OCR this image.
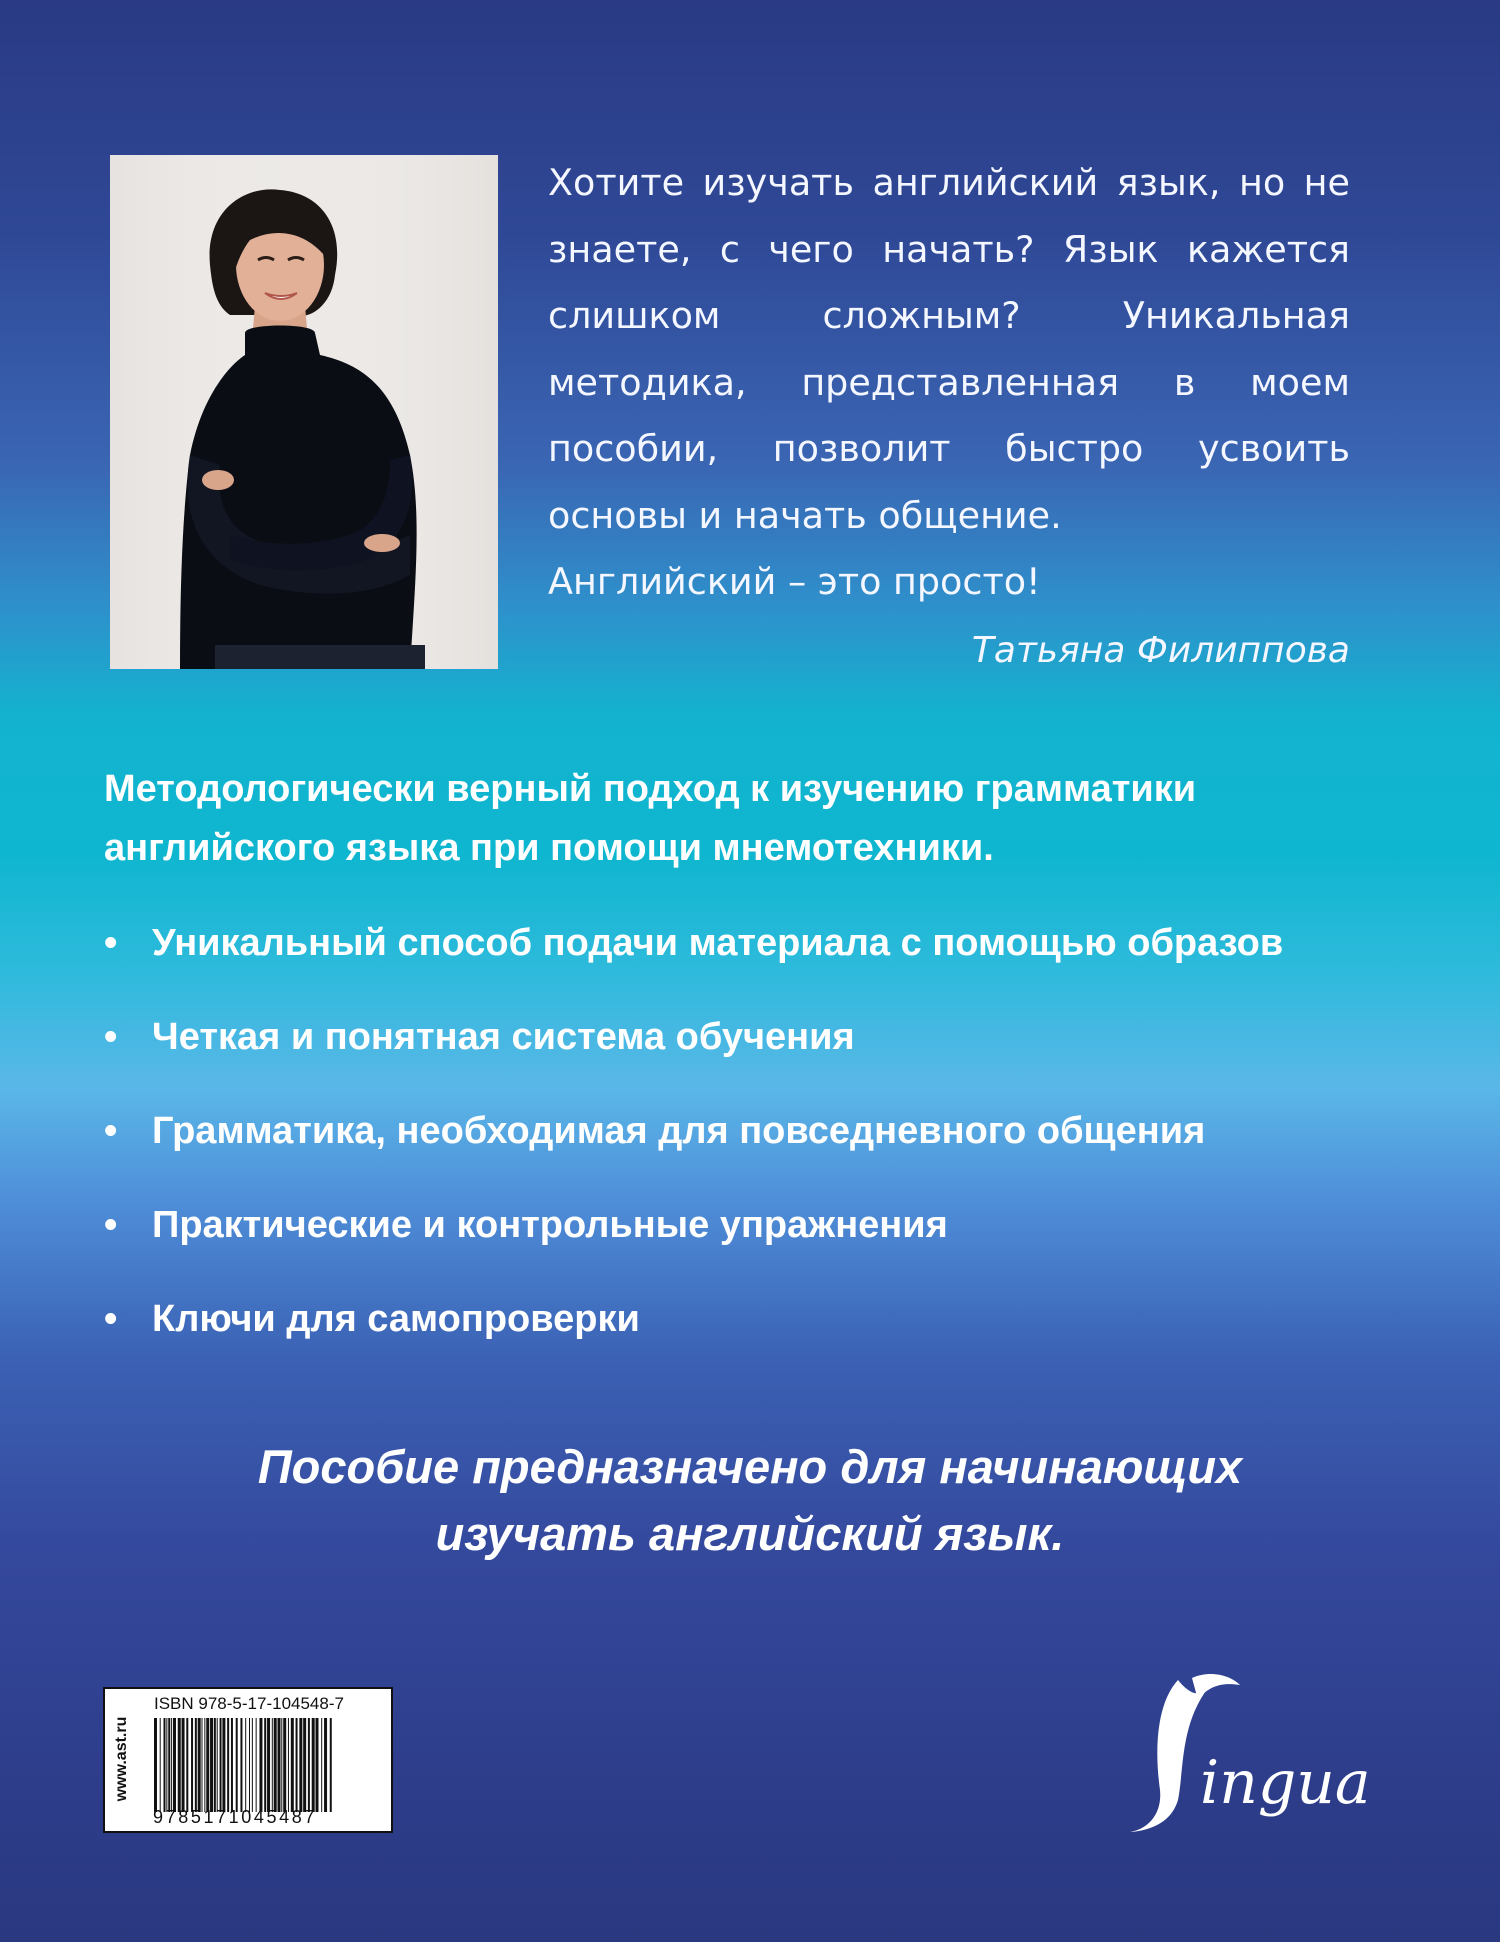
Хотите изучать английский язык, но не знаете, с чего начать? Язык кажется слишком сложным? Уникальная методика, представленная в моем пособии, позволит быстро усвоить основы и начать общение.
Английский – это просто!
Татьяна Филиппова

Методологически верный подход к изучению грамматики английского языка при помощи мнемотехники.

• Уникальный способ подачи материала с помощью образов
• Четкая и понятная система обучения
• Грамматика, необходимая для повседневного общения
• Практические и контрольные упражнения
• Ключи для самопроверки
Пособие предназначено для начинающих
изучать английский язык.
www.ast.ru
ISBN 978-5-17-104548-7
9785171045487	ingua
